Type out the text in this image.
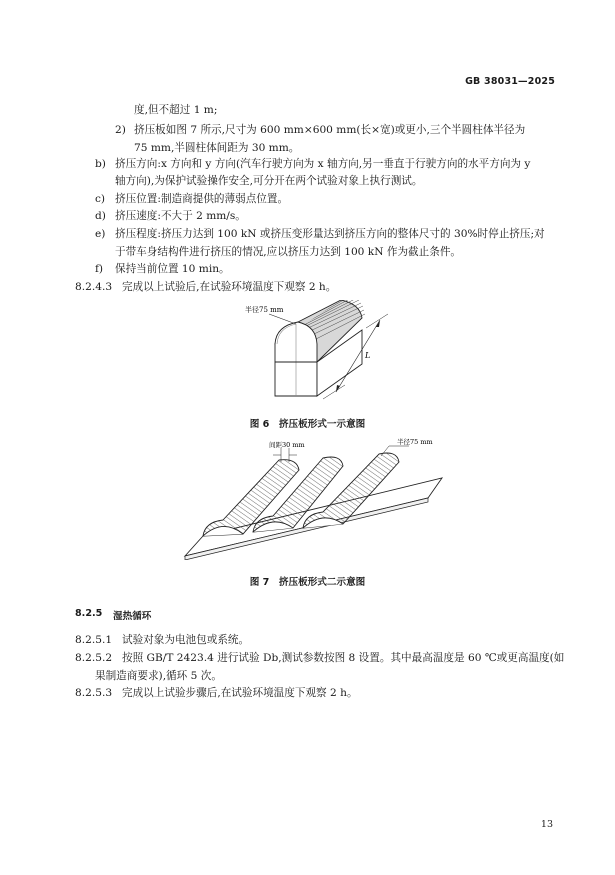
GB 38031—2025
度,但不超过 1 m;
2) 挤压板如图 7 所示,尺寸为 600 mm×600 mm(长×宽)或更小,三个半圆柱体半径为
75 mm,半圆柱体间距为 30 mm。
b) 挤压方向:x 方向和 y 方向(汽车行驶方向为 x 轴方向,另一垂直于行驶方向的水平方向为 y
轴方向),为保护试验操作安全,可分开在两个试验对象上执行测试。
c) 挤压位置:制造商提供的薄弱点位置。
d) 挤压速度:不大于 2 mm/s。
e) 挤压程度:挤压力达到 100 kN 或挤压变形量达到挤压方向的整体尺寸的 30%时停止挤压;对
于带车身结构件进行挤压的情况,应以挤压力达到 100 kN 作为截止条件。
f) 保持当前位置 10 min。
8.2.4.3 完成以上试验后,在试验环境温度下观察 2 h。
L
半径75 mm
图 6　挤压板形式一示意图
间距30 mm	半径75 mm
图 7　挤压板形式二示意图
8.2.5 湿热循环
8.2.5.1 试验对象为电池包或系统。
8.2.5.2 按照 GB/T 2423.4 进行试验 Db,测试参数按图 8 设置。其中最高温度是 60 ℃或更高温度(如
果制造商要求),循环 5 次。
8.2.5.3 完成以上试验步骤后,在试验环境温度下观察 2 h。
13
